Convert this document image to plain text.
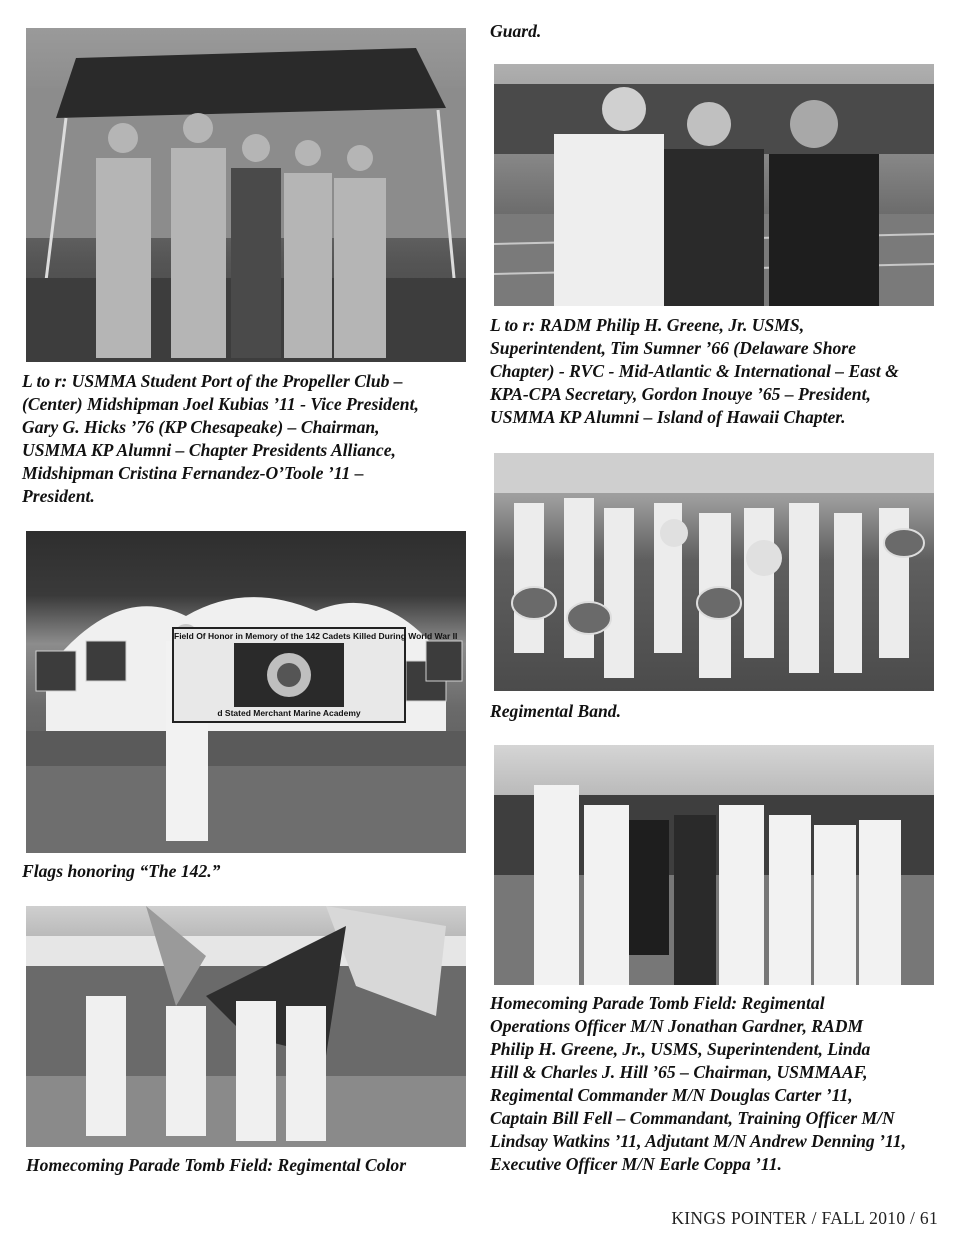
Field Of Honor in Memory of the 142 Cadets Killed During World War II
d Stated Merchant Marine Academy
Guard.
L to r: USMMA Student Port of the Propeller Club –
(Center) Midshipman Joel Kubias ’11 - Vice President,
Gary G. Hicks ’76 (KP Chesapeake) – Chairman,
USMMA KP Alumni – Chapter Presidents Alliance,
Midshipman Cristina Fernandez-O’Toole ’11 –
President.
L to r: RADM Philip H. Greene, Jr. USMS,
Superintendent, Tim Sumner ’66 (Delaware Shore
Chapter) - RVC - Mid-Atlantic & International – East &
KPA-CPA Secretary, Gordon Inouye ’65 – President,
USMMA KP Alumni – Island of Hawaii Chapter.
Regimental Band.
Flags honoring “The 142.”
Homecoming Parade Tomb Field: Regimental Color
Homecoming Parade Tomb Field: Regimental
Operations Officer M/N Jonathan Gardner, RADM
Philip H. Greene, Jr., USMS, Superintendent, Linda
Hill & Charles J. Hill ’65 – Chairman, USMMAAF,
Regimental Commander M/N Douglas Carter ’11,
Captain Bill Fell – Commandant, Training Officer M/N
Lindsay Watkins ’11, Adjutant M/N Andrew Denning ’11,
Executive Officer M/N Earle Coppa ’11.
KINGS POINTER / FALL 2010 / 61
